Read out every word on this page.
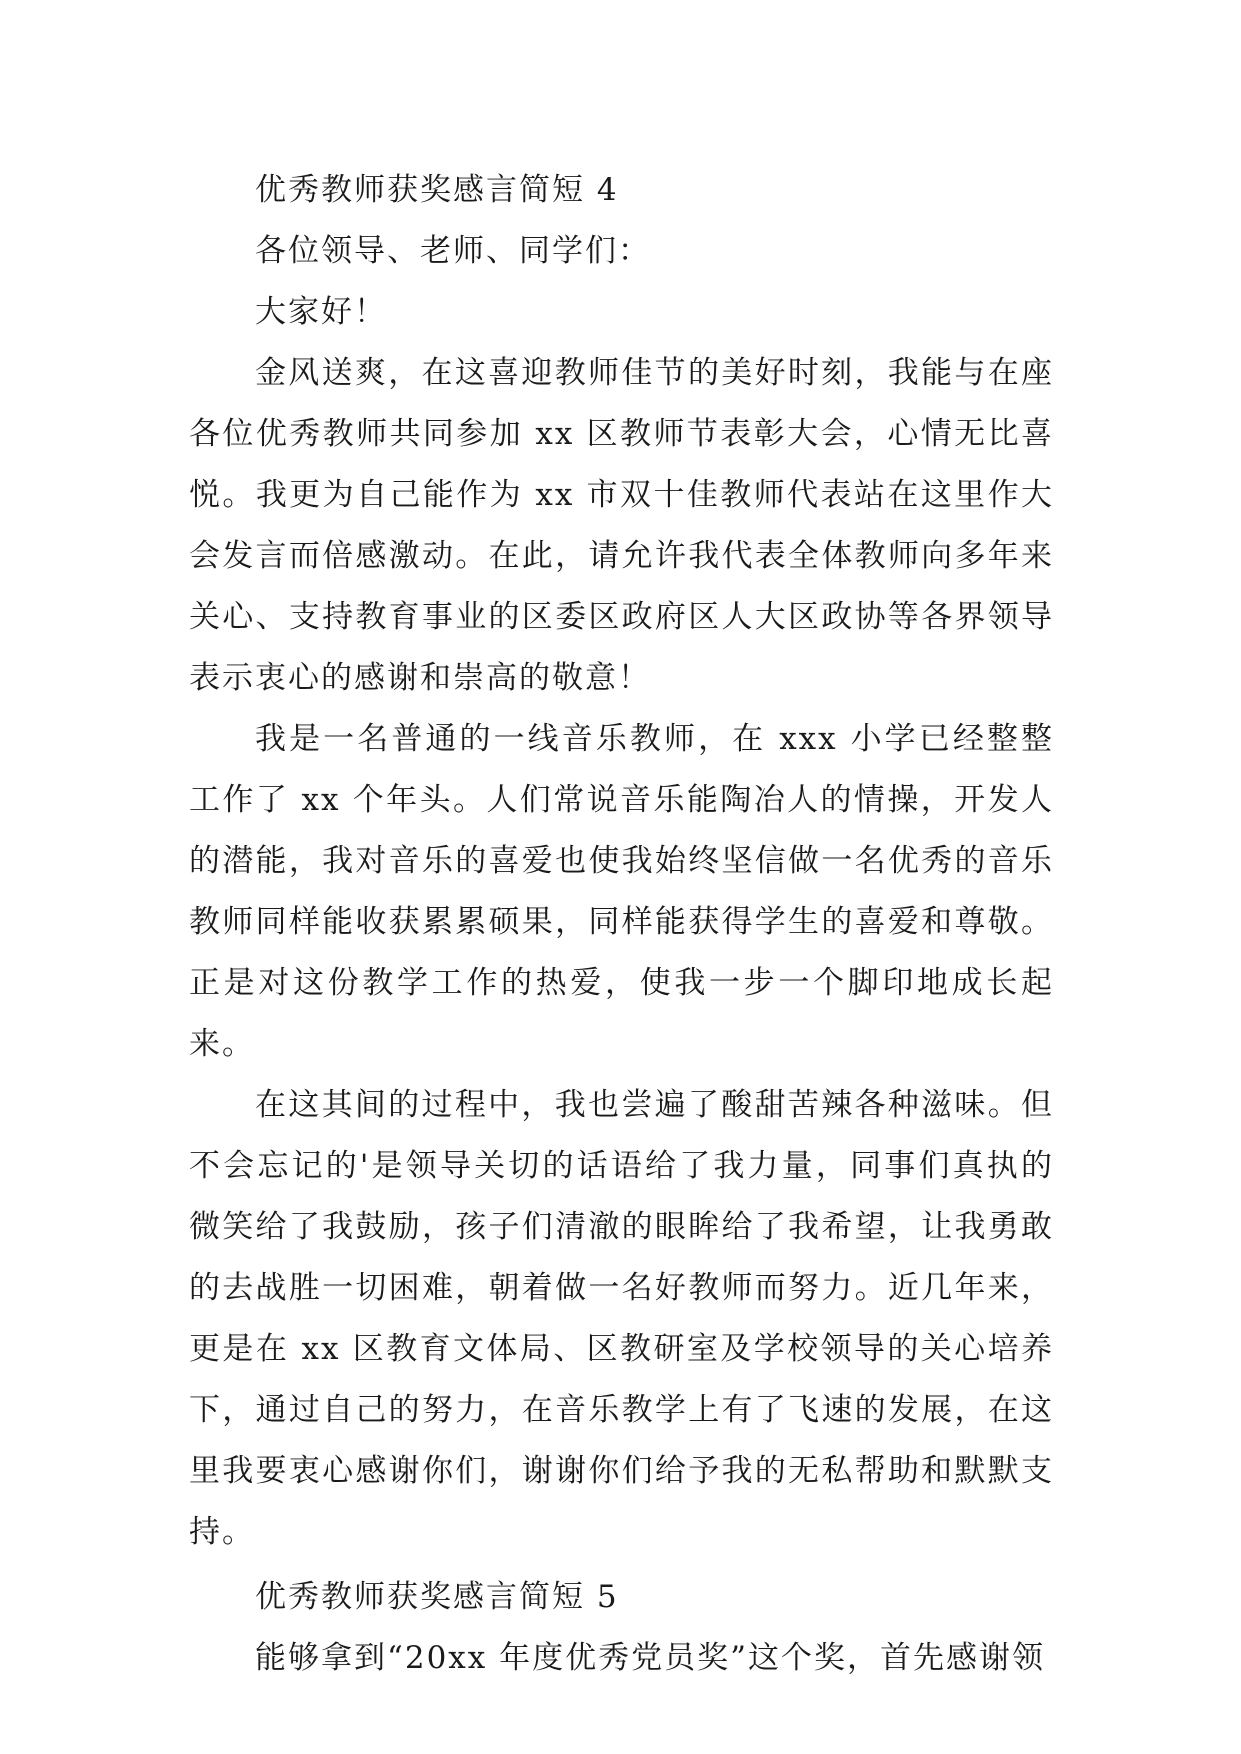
优秀教师获奖感言简短 4
各位领导、老师、同学们：
大家好！

金风送爽，在这喜迎教师佳节的美好时刻，我能与在座各位优秀教师共同参加 xx 区教师节表彰大会，心情无比喜悦。我更为自己能作为 xx 市双十佳教师代表站在这里作大会发言而倍感激动。在此，请允许我代表全体教师向多年来关心、支持教育事业的区委区政府区人大区政协等各界领导表示衷心的感谢和崇高的敬意！

我是一名普通的一线音乐教师，在 xxx 小学已经整整工作了 xx 个年头。人们常说音乐能陶冶人的情操，开发人的潜能，我对音乐的喜爱也使我始终坚信做一名优秀的音乐教师同样能收获累累硕果，同样能获得学生的喜爱和尊敬。正是对这份教学工作的热爱，使我一步一个脚印地成长起来。

在这其间的过程中，我也尝遍了酸甜苦辣各种滋味。但不会忘记的'是领导关切的话语给了我力量，同事们真执的微笑给了我鼓励，孩子们清澈的眼眸给了我希望，让我勇敢的去战胜一切困难，朝着做一名好教师而努力。近几年来，更是在 xx 区教育文体局、区教研室及学校领导的关心培养下，通过自己的努力，在音乐教学上有了飞速的发展，在这里我要衷心感谢你们，谢谢你们给予我的无私帮助和默默支持。

优秀教师获奖感言简短 5
能够拿到“20xx 年度优秀党员奖”这个奖，首先感谢领
